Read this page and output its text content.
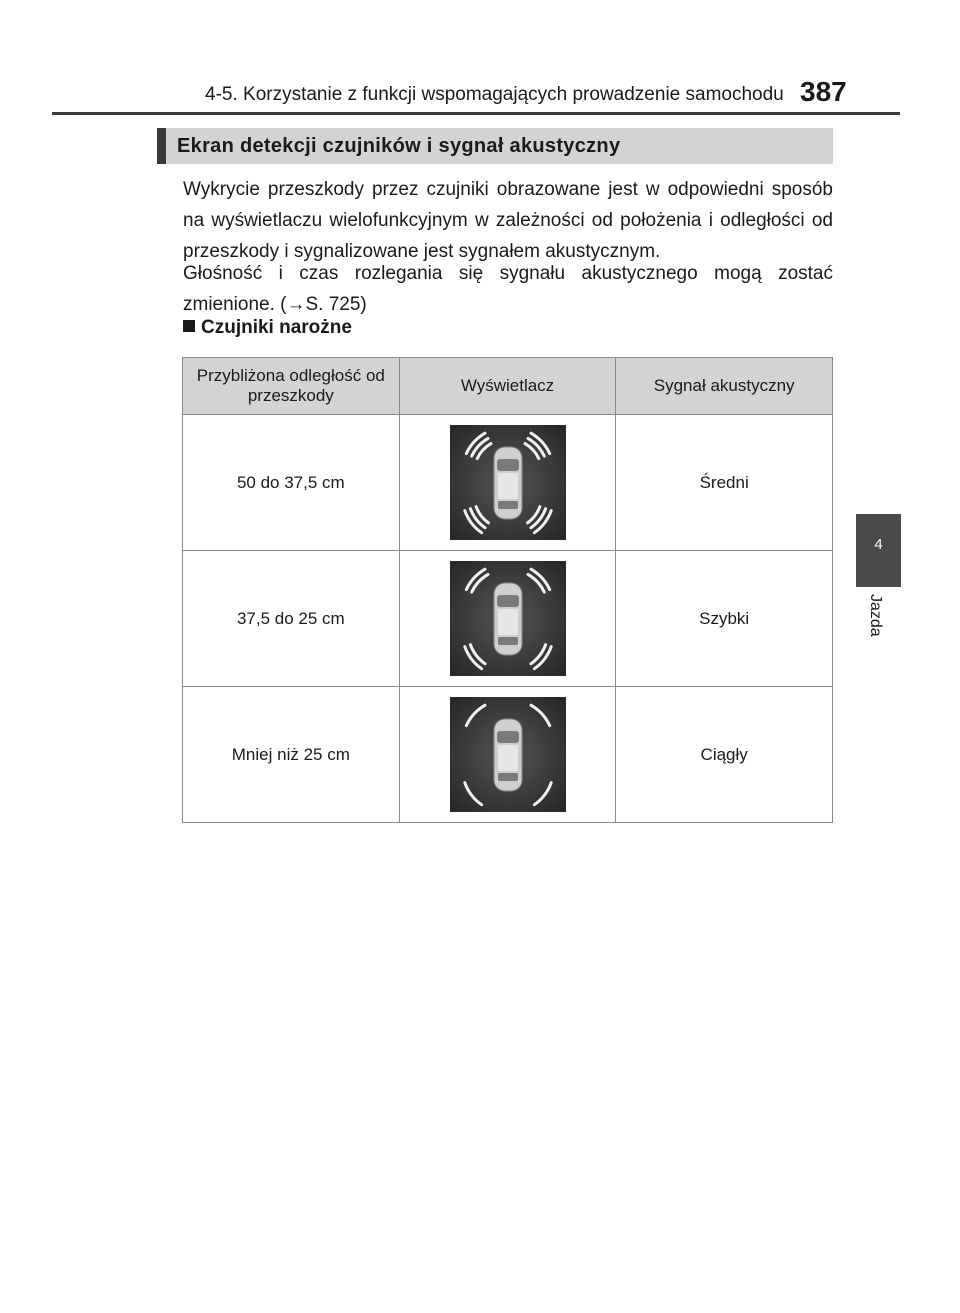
4-5. Korzystanie z funkcji wspomagających prowadzenie samochodu 387
4
Jazda
Ekran detekcji czujników i sygnał akustyczny
Wykrycie przeszkody przez czujniki obrazowane jest w odpowiedni sposób na wyświetlaczu wielofunkcyjnym w zależności od położenia i odległości od przeszkody i sygnalizowane jest sygnałem akustycznym.
Głośność i czas rozlegania się sygnału akustycznego mogą zostać zmienione. (→S. 725)
Czujniki narożne
Przybliżona odległość od przeszkody	Wyświetlacz	Sygnał akustyczny
50 do 37,5 cm		Średni
37,5 do 25 cm		Szybki
Mniej niż 25 cm		Ciągły
